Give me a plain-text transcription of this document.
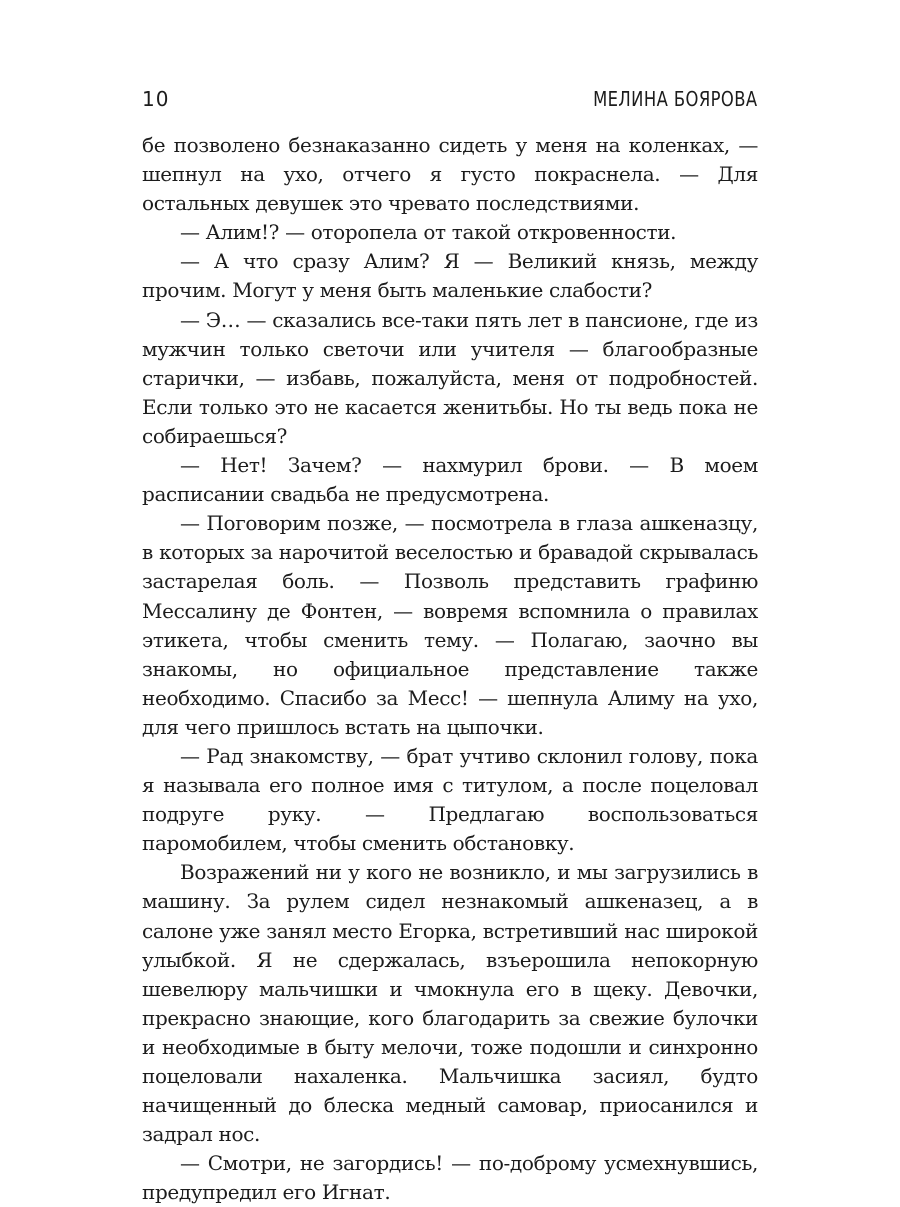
10	МЕЛИНА БОЯРОВА

бе позволено безнаказанно сидеть у меня на коленках, — шепнул на ухо, отчего я густо покраснела. — Для остальных девушек это чревато последствиями.

— Алим!? — оторопела от такой откровенности.

— А что сразу Алим? Я — Великий князь, между прочим. Могут у меня быть маленькие слабости?

— Э… — сказались все-таки пять лет в пансионе, где из мужчин только светочи или учителя — благообразные старички, — избавь, пожалуйста, меня от подробностей. Если только это не касается женитьбы. Но ты ведь пока не собираешься?

— Нет! Зачем? — нахмурил брови. — В моем расписании свадьба не предусмотрена.

— Поговорим позже, — посмотрела в глаза ашкеназцу, в которых за нарочитой веселостью и бравадой скрывалась застарелая боль. — Позволь представить графиню Мессалину де Фонтен, — вовремя вспомнила о правилах этикета, чтобы сменить тему. — Полагаю, заочно вы знакомы, но официальное представление также необходимо. Спасибо за Месс! — шепнула Алиму на ухо, для чего пришлось встать на цыпочки.

— Рад знакомству, — брат учтиво склонил голову, пока я называла его полное имя с титулом, а после поцеловал подруге руку. — Предлагаю воспользоваться паромобилем, чтобы сменить обстановку.

Возражений ни у кого не возникло, и мы загрузились в машину. За рулем сидел незнакомый ашкеназец, а в салоне уже занял место Егорка, встретивший нас широкой улыбкой. Я не сдержалась, взъерошила непокорную шевелюру мальчишки и чмокнула его в щеку. Девочки, прекрасно знающие, кого благодарить за свежие булочки и необходимые в быту мелочи, тоже подошли и синхронно поцеловали нахаленка. Мальчишка засиял, будто начищенный до блеска медный самовар, приосанился и задрал нос.

— Смотри, не загордись! — по-доброму усмехнувшись, предупредил его Игнат.
